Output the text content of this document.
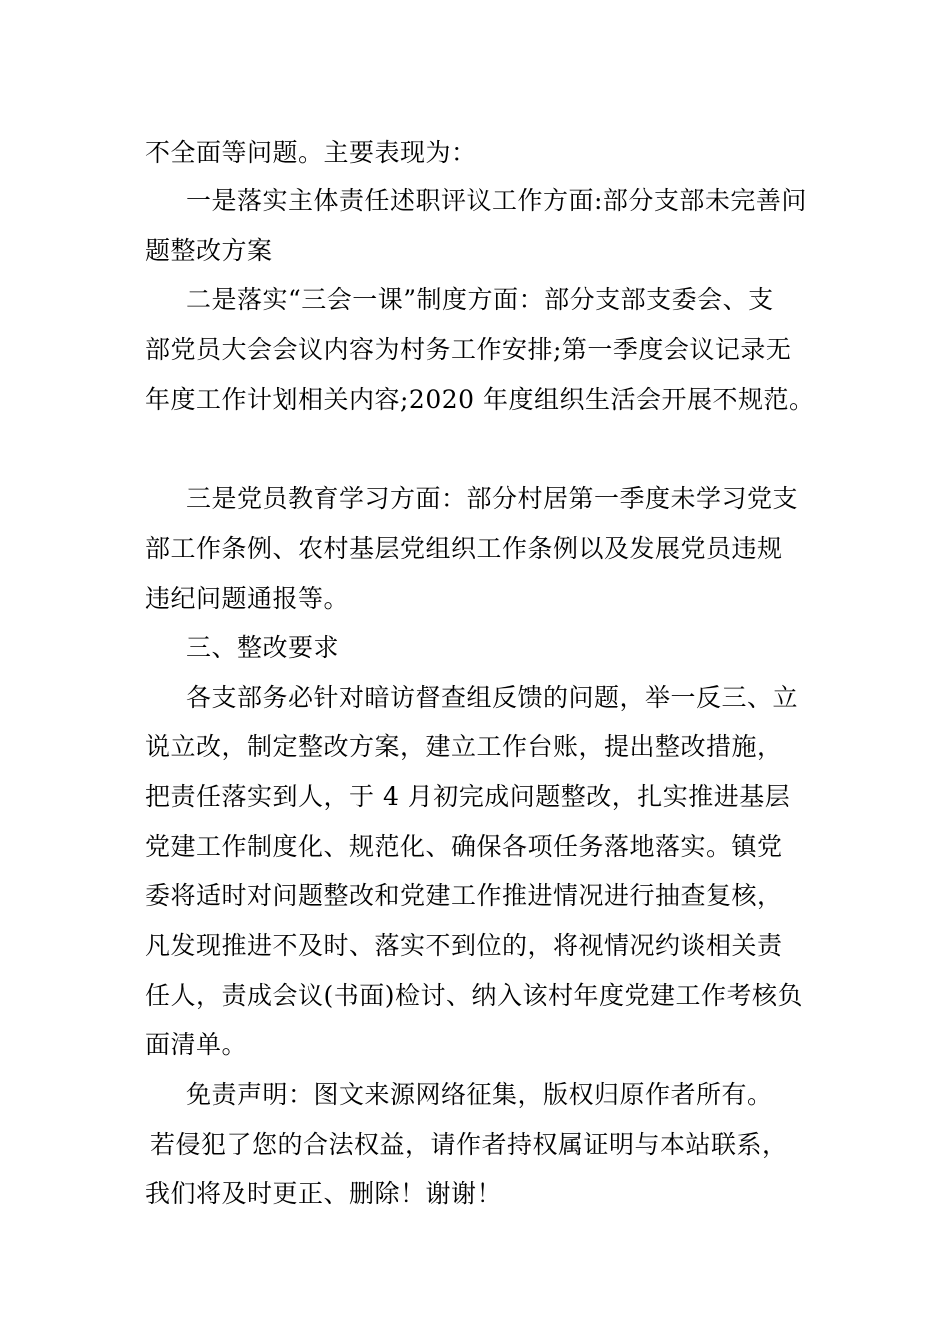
不全面等问题。主要表现为：
一是落实主体责任述职评议工作方面:部分支部未完善问
题整改方案
二是落实“三会一课”制度方面：部分支部支委会、支
部党员大会会议内容为村务工作安排;第一季度会议记录无
年度工作计划相关内容;2020 年度组织生活会开展不规范。
三是党员教育学习方面：部分村居第一季度未学习党支
部工作条例、农村基层党组织工作条例以及发展党员违规
违纪问题通报等。
三、整改要求
各支部务必针对暗访督查组反馈的问题，举一反三、立
说立改，制定整改方案，建立工作台账，提出整改措施，
把责任落实到人，于 4 月初完成问题整改，扎实推进基层
党建工作制度化、规范化、确保各项任务落地落实。镇党
委将适时对问题整改和党建工作推进情况进行抽查复核，
凡发现推进不及时、落实不到位的，将视情况约谈相关责
任人，责成会议(书面)检讨、纳入该村年度党建工作考核负
面清单。
免责声明：图文来源网络征集，版权归原作者所有。
若侵犯了您的合法权益，请作者持权属证明与本站联系，
我们将及时更正、删除！谢谢！
